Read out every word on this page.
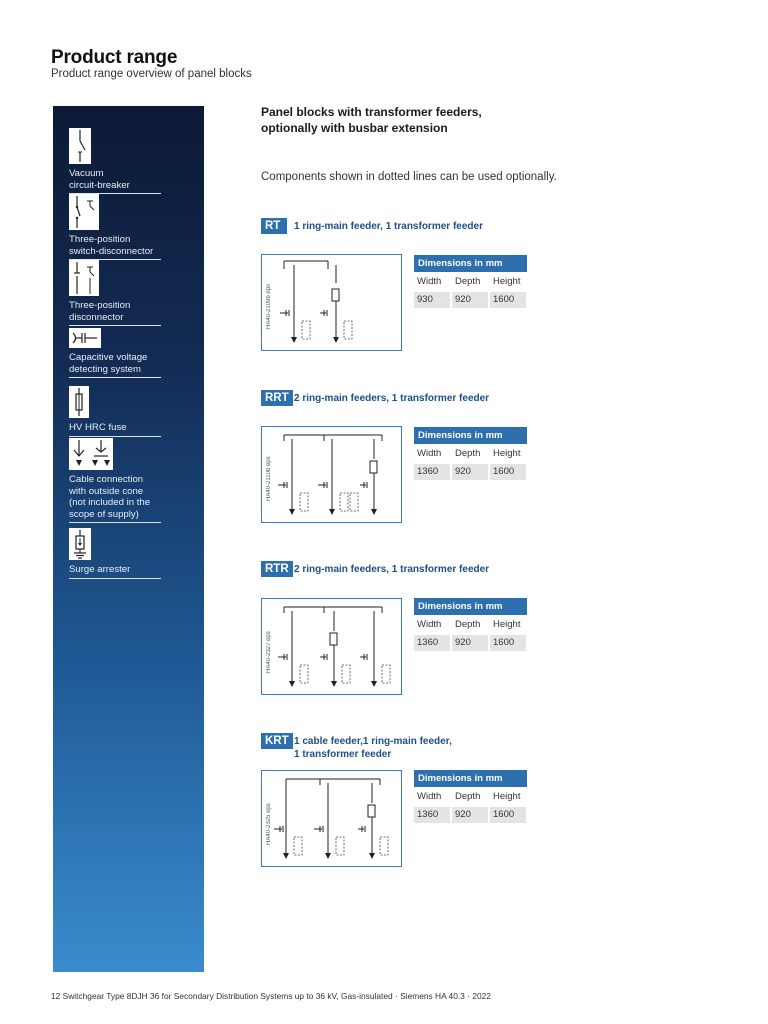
Product range
Product range overview of panel blocks
Vacuum
circuit-breaker
Three-position
switch-disconnector
Three-position
disconnector
Capacitive voltage
detecting system
HV HRC fuse
Cable connection
with outside cone
(not included in the
scope of supply)
Surge arrester
Panel blocks with transformer feeders,
optionally with busbar extension
Components shown in dotted lines can be used optionally.
RT	1 ring-main feeder, 1 transformer feeder
HA40-2109b eps
Dimensions in mm
Width	Depth	Height
930	920	1600
RRT 2 ring-main feeders, 1 transformer feeder
HA40-2110b eps
Dimensions in mm
Width	Depth	Height
1360	920	1600
RTR 2 ring-main feeders, 1 transformer feeder
HA40-2327 eps
Dimensions in mm
Width	Depth	Height
1360	920	1600
KRT 1 cable feeder,1 ring-main feeder,
1 transformer feeder
HA40-2325 eps
Dimensions in mm
Width	Depth	Height
1360	920	1600
12 Switchgear Type 8DJH 36 for Secondary Distribution Systems up to 36 kV, Gas-insulated · Siemens HA 40.3 · 2022
